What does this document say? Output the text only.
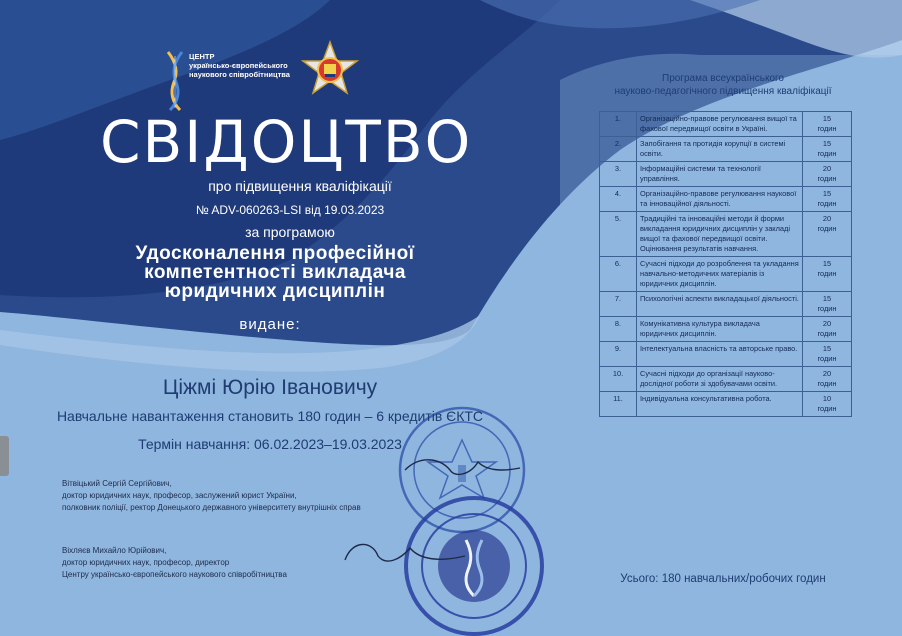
ЦЕНТР
українсько-європейського
наукового співробітництва
СВІДОЦТВО
про підвищення кваліфікації
№ ADV-060263-LSI від 19.03.2023
за програмою
Удосконалення професійної
компетентності викладача
юридичних дисциплін
видане:
Ціжмі Юрію Івановичу
Навчальне навантаження становить 180 годин – 6 кредитів ЄКТС
Термін навчання: 06.02.2023–19.03.2023
Вітвіцький Сергій Сергійович,
доктор юридичних наук, професор, заслужений юрист України,
полковник поліції, ректор Донецького державного університету внутрішніх справ
Віхляєв Михайло Юрійович,
доктор юридичних наук, професор, директор
Центру українсько-європейського наукового співробітництва
Програма всеукраїнського
науково-педагогічного підвищення кваліфікації
1.	Організаційно-правове регулювання вищої та фахової передвищої освіти в Україні.	15
годин

2.	Запобігання та протидія корупції в системі освіти.	15
годин

3.	Інформаційні системи та технології управління.	20
годин

4.	Організаційно-правове регулювання наукової та інноваційної діяльності.	15
годин

5.	Традиційні та інноваційні методи й форми викладання юридичних дисциплін у закладі вищої та фахової передвищої освіти. Оцінювання результатів навчання.	20
годин

6.	Сучасні підходи до розроблення та укладання навчально-методичних матеріалів із юридичних дисциплін.	15
годин

7.	Психологічні аспекти викладацької діяльності.	15
годин

8.	Комунікативна культура викладача юридичних дисциплін.	20
годин

9.	Інтелектуальна власність та авторське право.	15
годин

10.	Сучасні підходи до організації науково-дослідної роботи зі здобувачами освіти.	20
годин

11.	Індивідуальна консультативна робота.	10
годин
Усього: 180 навчальних/робочих годин
